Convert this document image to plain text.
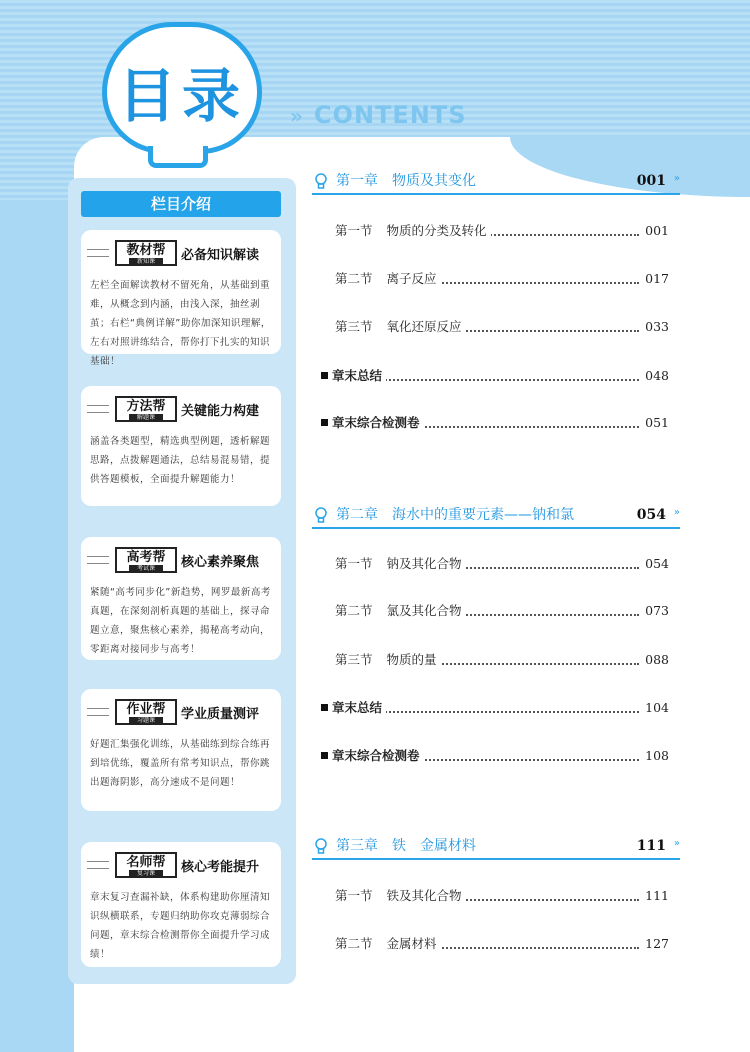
目录 » CONTENTS
栏目介绍
教材帮
新知课	必备知识解读
左栏全面解读教材不留死角，从基础到重难，从概念到内涵，由浅入深，抽丝剥茧；右栏“典例详解”助你加深知识理解，左右对照讲练结合，帮你打下扎实的知识基础！
方法帮
解题课	关键能力构建
涵盖各类题型，精选典型例题，透析解题思路，点拨解题通法，总结易混易错，提供答题模板，全面提升解题能力！
高考帮
考试课	核心素养聚焦
紧随“高考同步化”新趋势，网罗最新高考真题，在深刻剖析真题的基础上，探寻命题立意，聚焦核心素养，揭秘高考动向，零距离对接同步与高考！
作业帮
习题课	学业质量测评
好题汇集强化训练，从基础练到综合练再到培优练，覆盖所有常考知识点，帮你跳出题海阴影，高分速成不是问题！
名师帮
复习课	核心考能提升
章末复习查漏补缺，体系构建助你厘清知识纵横联系，专题归纳助你攻克薄弱综合问题，章末综合检测帮你全面提升学习成绩！
第一章　物质及其变化	001 »
第一节 物质的分类及转化	001
第二节 离子反应	017
第三节 氧化还原反应	033
章末总结	048
章末综合检测卷	051
第二章　海水中的重要元素——钠和氯	054 »
第一节 钠及其化合物	054
第二节 氯及其化合物	073
第三节 物质的量	088
章末总结	104
章末综合检测卷	108
第三章　铁　金属材料	111 »
第一节 铁及其化合物	111
第二节 金属材料	127
